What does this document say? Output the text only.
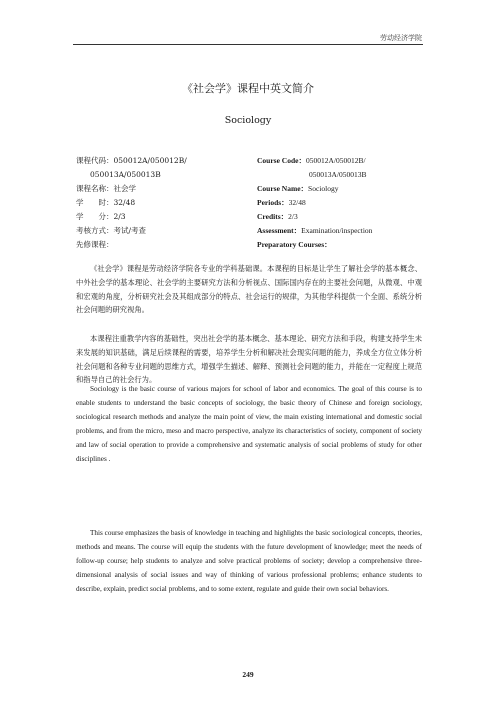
劳动经济学院
《社会学》课程中英文简介
Sociology
课程代码：050012A/050012B/
050013A/050013B
课程名称：社会学
学　　时：32/48
学　　分：2/3
考核方式：考试/考查
先修课程：
Course Code：050012A/050012B/
050013A/050013B
Course Name：Sociology
Periods：32/48
Credits：2/3
Assessment：Examination/inspection
Preparatory Courses：

《社会学》课程是劳动经济学院各专业的学科基础课。本课程的目标是让学生了解社会学的基本概念、中外社会学的基本理论、社会学的主要研究方法和分析视点、国际国内存在的主要社会问题，从微观、中观和宏观的角度，分析研究社会及其组成部分的特点、社会运行的规律，为其他学科提供一个全面、系统分析社会问题的研究视角。

本课程注重教学内容的基础性，突出社会学的基本概念、基本理论、研究方法和手段，构建支持学生未来发展的知识基础，满足后续课程的需要，培养学生分析和解决社会现实问题的能力，养成全方位立体分析社会问题和各种专业问题的思维方式，增强学生描述、解释、预测社会问题的能力，并能在一定程度上规范和指导自己的社会行为。

Sociology is the basic course of various majors for school of labor and economics. The goal of this course is to enable students to understand the basic concepts of sociology, the basic theory of Chinese and foreign sociology, sociological research methods and analyze the main point of view, the main existing international and domestic social problems, and from the micro, meso and macro perspective, analyze its characteristics of society, component of society and law of social operation to provide a comprehensive and systematic analysis of social problems of study for other disciplines .

This course emphasizes the basis of knowledge in teaching and highlights the basic sociological concepts, theories, methods and means. The course will equip the students with the future development of knowledge; meet the needs of follow-up course; help students to analyze and solve practical problems of society; develop a comprehensive three-dimensional analysis of social issues and way of thinking of various professional problems; enhance students to describe, explain, predict social problems, and to some extent, regulate and guide their own social behaviors.

249
